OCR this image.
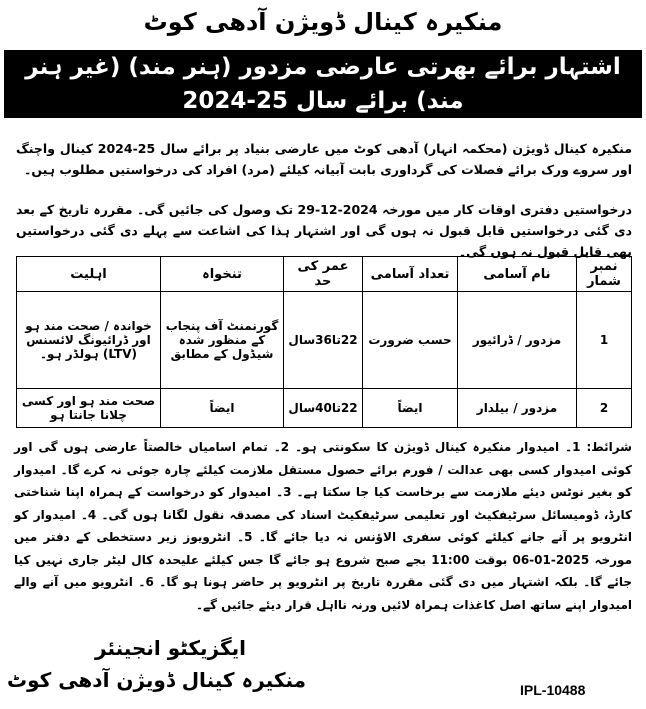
منکیرہ کینال ڈویژن آدھی کوٹ
اشتہار برائے بھرتی عارضی مزدور (ہنر مند) (غیر ہنر مند) برائے سال 25-2024
منکیرہ کینال ڈویژن (محکمہ انہار) آدھی کوٹ میں عارضی بنیاد پر برائے سال 25-2024 کینال واچنگ اور سروے ورک برائے فصلات کی گرداوری بابت آبیانہ کیلئے (مرد) افراد کی درخواستیں مطلوب ہیں۔
درخواستیں دفتری اوقات کار میں مورخہ 2024-12-29 تک وصول کی جائیں گی۔ مقررہ تاریخ کے بعد دی گئی درخواستیں قابل قبول نہ ہوں گی اور اشتہار ہذا کی اشاعت سے پہلے دی گئی درخواستیں بھی قابل قبول نہ ہوں گی۔
نمبر شمار	نام آسامی	تعداد آسامی	عمر کی حد	تنخواہ	اہلیت
1	مزدور / ڈرائیور	حسب ضرورت	22تا36سال	گورنمنٹ آف پنجاب کے منظور شدہ شیڈول کے مطابق	خواندہ / صحت مند ہو اور ڈرائیونگ لائسنس (LTV) ہولڈر ہو۔
2	مزدور / بیلدار	ایضاً	22تا40سال	ایضاً	صحت مند ہو اور کسی چلانا جانتا ہو
شرائط: 1۔ امیدوار منکیرہ کینال ڈویژن کا سکونتی ہو۔ 2۔ تمام اسامیاں خالصتاً عارضی ہوں گی اور کوئی امیدوار کسی بھی عدالت / فورم برائے حصول مستقل ملازمت کیلئے چارہ جوئی نہ کرے گا۔ امیدوار کو بغیر نوٹس دیئے ملازمت سے برخاست کیا جا سکتا ہے۔ 3۔ امیدوار کو درخواست کے ہمراہ اپنا شناختی کارڈ، ڈومیسائل سرٹیفکیٹ اور تعلیمی سرٹیفکیٹ اسناد کی مصدقہ نقول لگانا ہوں گی۔ 4۔ امیدوار کو انٹرویو پر آنے جانے کیلئے کوئی سفری الاؤنس نہ دیا جائے گا۔ 5۔ انٹرویوز زیر دستخطی کے دفتر میں مورخہ 2025-01-06 بوقت 11:00 بجے صبح شروع ہو جائے گا جس کیلئے علیحدہ کال لیٹر جاری نہیں کیا جائے گا۔ بلکہ اشتہار میں دی گئی مقررہ تاریخ پر انٹرویو پر حاضر ہونا ہو گا۔ 6۔ انٹرویو میں آنے والے امیدوار اپنے ساتھ اصل کاغذات ہمراہ لائیں ورنہ نااہل قرار دیئے جائیں گے۔
ایگزیکٹو انجینئر
منکیرہ کینال ڈویژن آدھی کوٹ	IPL-10488
